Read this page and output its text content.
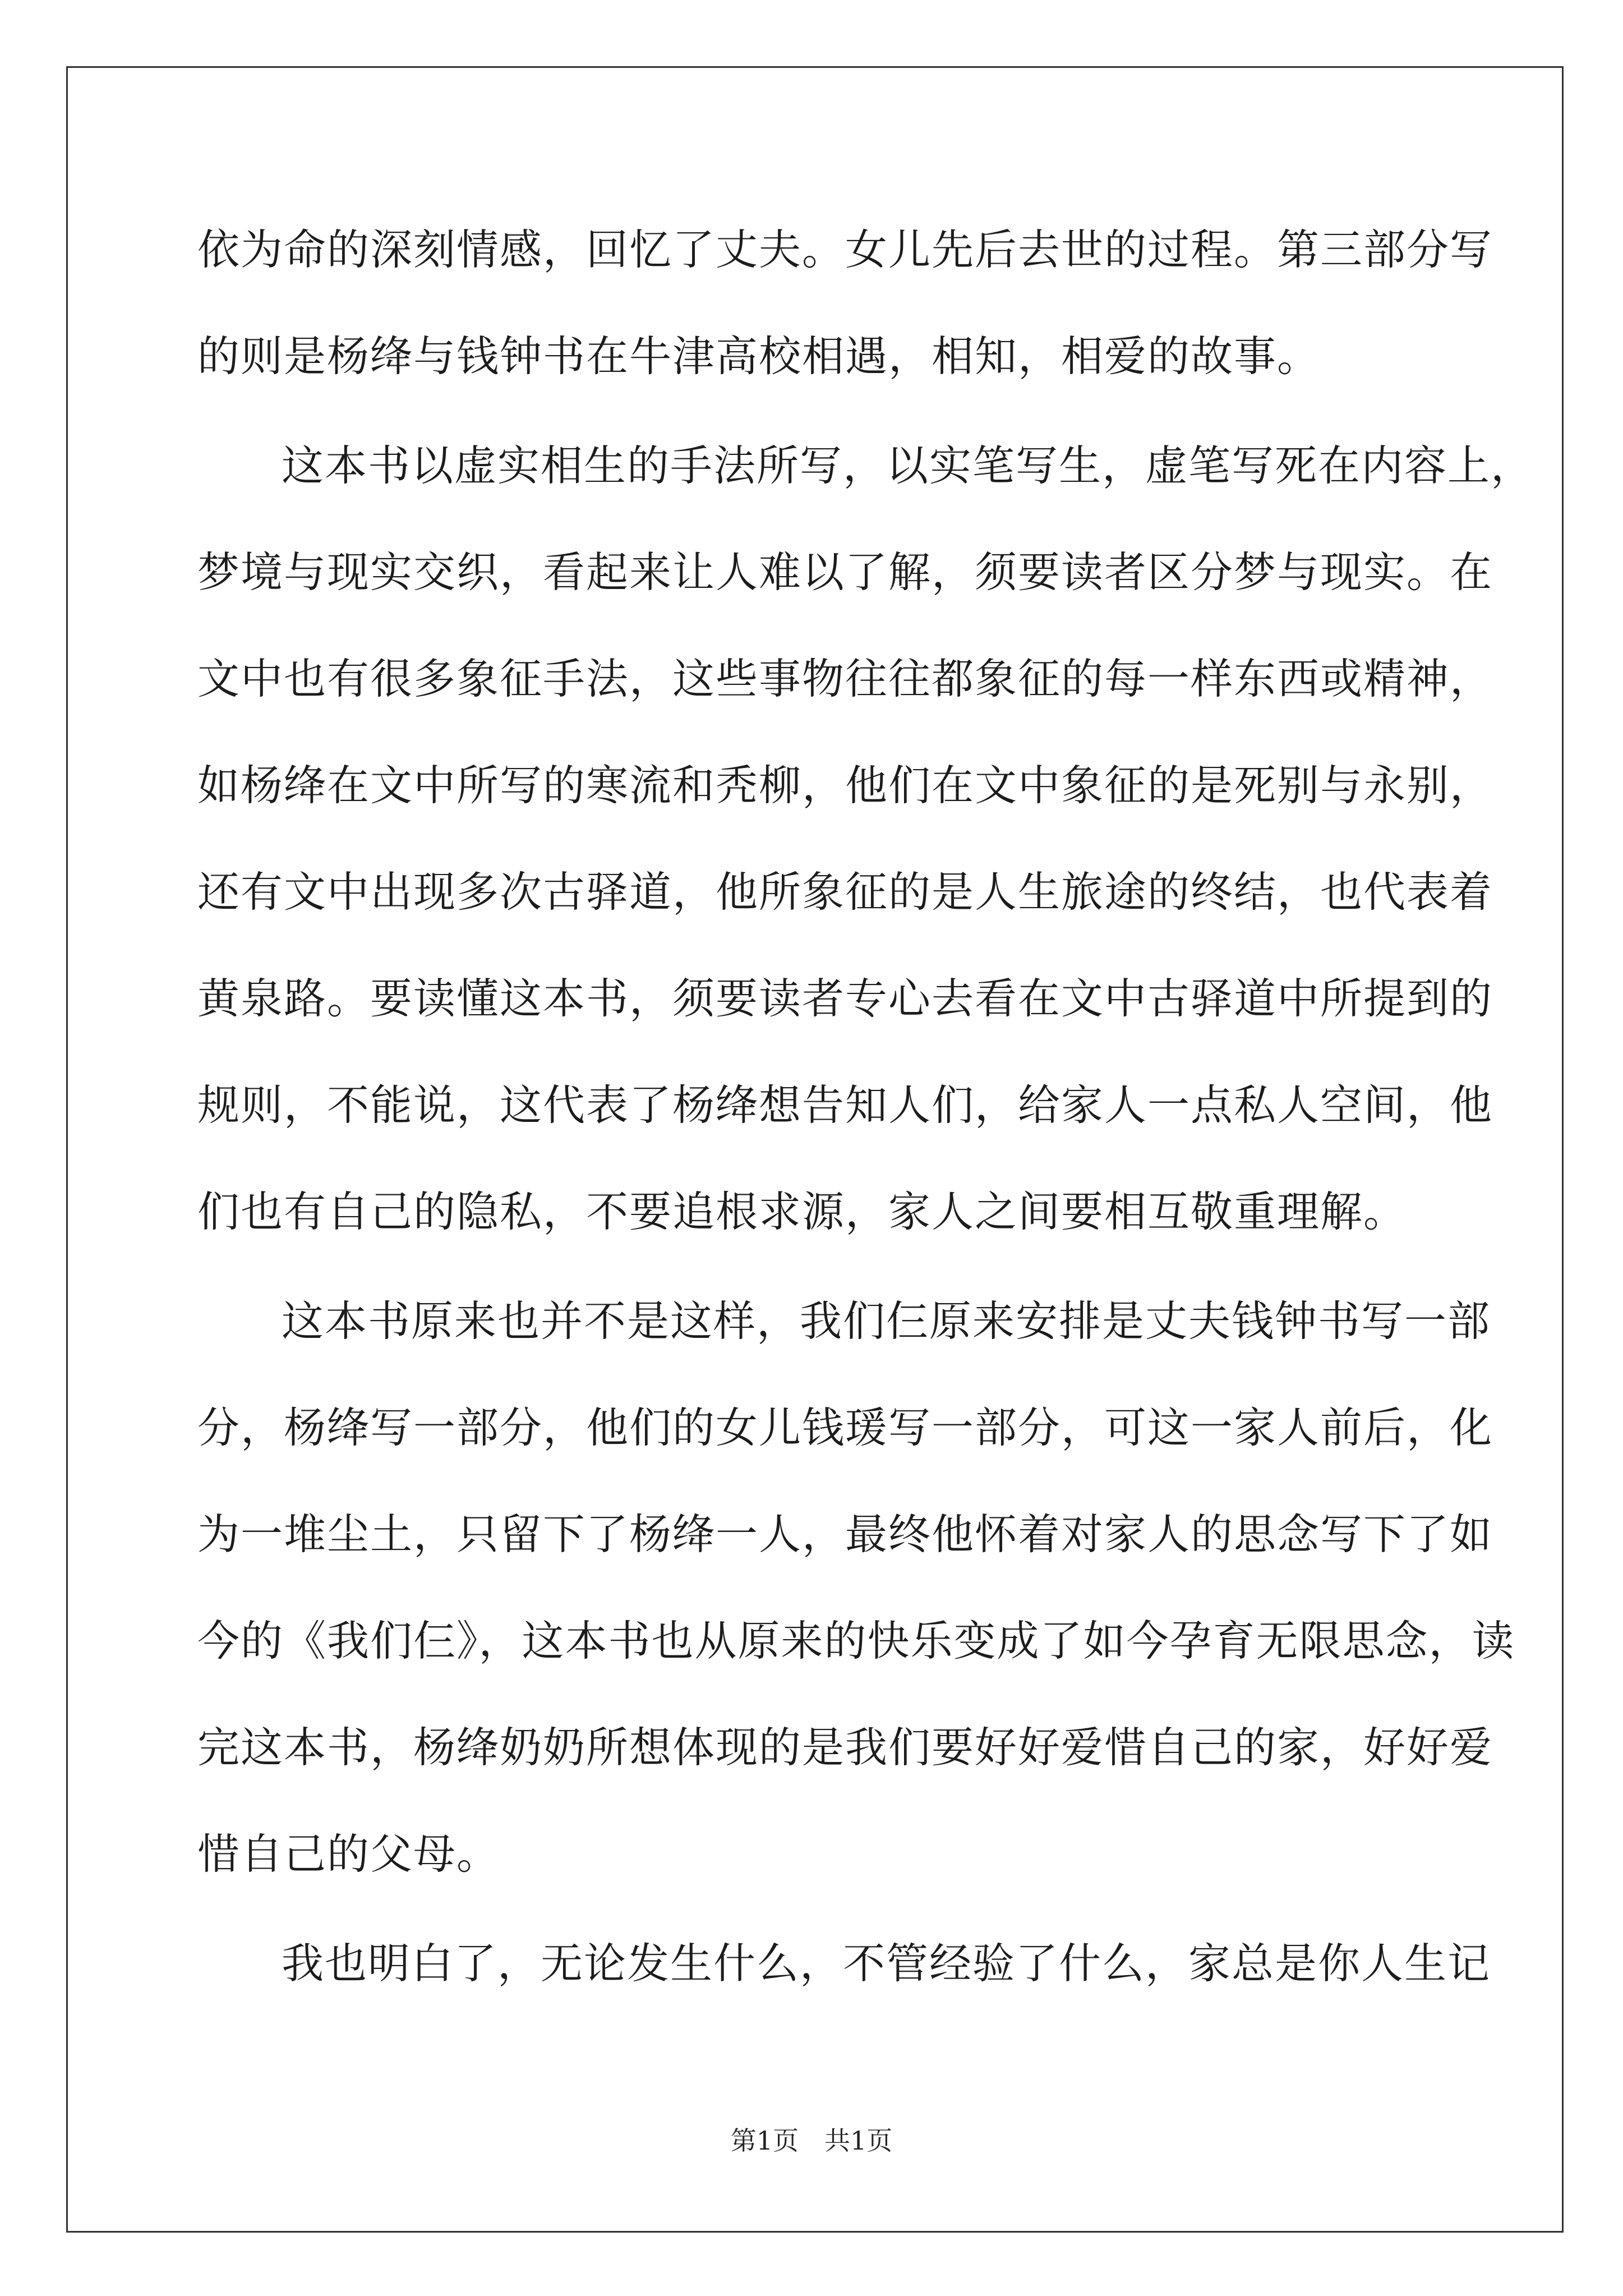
依为命的深刻情感，回忆了丈夫。女儿先后去世的过程。第三部分写
的则是杨绛与钱钟书在牛津高校相遇，相知，相爱的故事。
这本书以虚实相生的手法所写，以实笔写生，虚笔写死在内容上，
梦境与现实交织，看起来让人难以了解，须要读者区分梦与现实。在
文中也有很多象征手法，这些事物往往都象征的每一样东西或精神，
如杨绛在文中所写的寒流和秃柳，他们在文中象征的是死别与永别，
还有文中出现多次古驿道，他所象征的是人生旅途的终结，也代表着
黄泉路。要读懂这本书，须要读者专心去看在文中古驿道中所提到的
规则，不能说，这代表了杨绛想告知人们，给家人一点私人空间，他
们也有自己的隐私，不要追根求源，家人之间要相互敬重理解。
这本书原来也并不是这样，我们仨原来安排是丈夫钱钟书写一部
分，杨绛写一部分，他们的女儿钱瑗写一部分，可这一家人前后，化
为一堆尘土，只留下了杨绛一人，最终他怀着对家人的思念写下了如
今的《我们仨》，这本书也从原来的快乐变成了如今孕育无限思念，读
完这本书，杨绛奶奶所想体现的是我们要好好爱惜自己的家，好好爱
惜自己的父母。
我也明白了，无论发生什么，不管经验了什么，家总是你人生记
第1页　共1页
